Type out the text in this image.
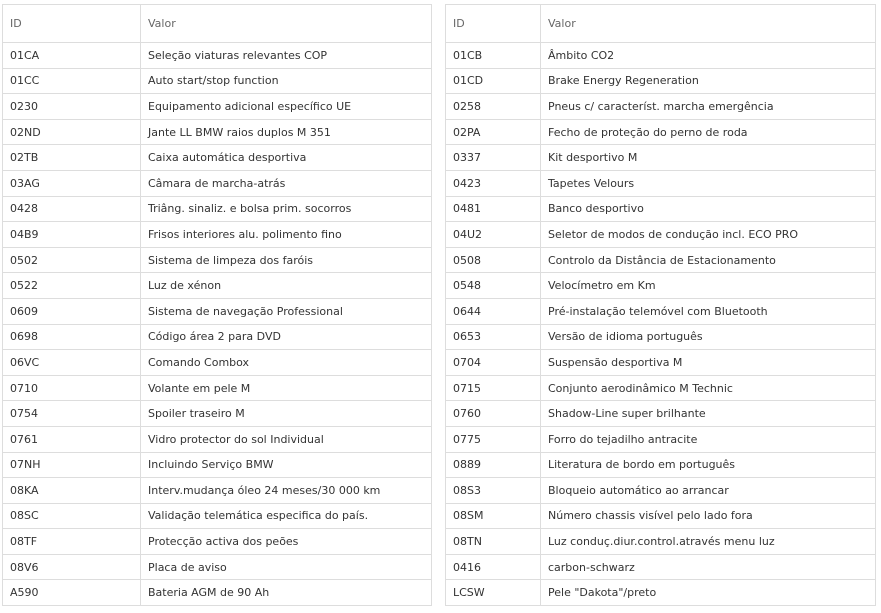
ID	Valor
01CA	Seleção viaturas relevantes COP
01CC	Auto start/stop function
0230	Equipamento adicional específico UE
02ND	Jante LL BMW raios duplos M 351
02TB	Caixa automática desportiva
03AG	Câmara de marcha-atrás
0428	Triâng. sinaliz. e bolsa prim. socorros
04B9	Frisos interiores alu. polimento fino
0502	Sistema de limpeza dos faróis
0522	Luz de xénon
0609	Sistema de navegação Professional
0698	Código área 2 para DVD
06VC	Comando Combox
0710	Volante em pele M
0754	Spoiler traseiro M
0761	Vidro protector do sol Individual
07NH	Incluindo Serviço BMW
08KA	Interv.mudança óleo 24 meses/30 000 km
08SC	Validação telemática especifica do país.
08TF	Protecção activa dos peões
08V6	Placa de aviso
A590	Bateria AGM de 90 Ah
ID	Valor
01CB	Âmbito CO2
01CD	Brake Energy Regeneration
0258	Pneus c/ característ. marcha emergência
02PA	Fecho de proteção do perno de roda
0337	Kit desportivo M
0423	Tapetes Velours
0481	Banco desportivo
04U2	Seletor de modos de condução incl. ECO PRO
0508	Controlo da Distância de Estacionamento
0548	Velocímetro em Km
0644	Pré-instalação telemóvel com Bluetooth
0653	Versão de idioma português
0704	Suspensão desportiva M
0715	Conjunto aerodinâmico M Technic
0760	Shadow-Line super brilhante
0775	Forro do tejadilho antracite
0889	Literatura de bordo em português
08S3	Bloqueio automático ao arrancar
08SM	Número chassis visível pelo lado fora
08TN	Luz conduç.diur.control.através menu luz
0416	carbon-schwarz
LCSW	Pele "Dakota"/preto
